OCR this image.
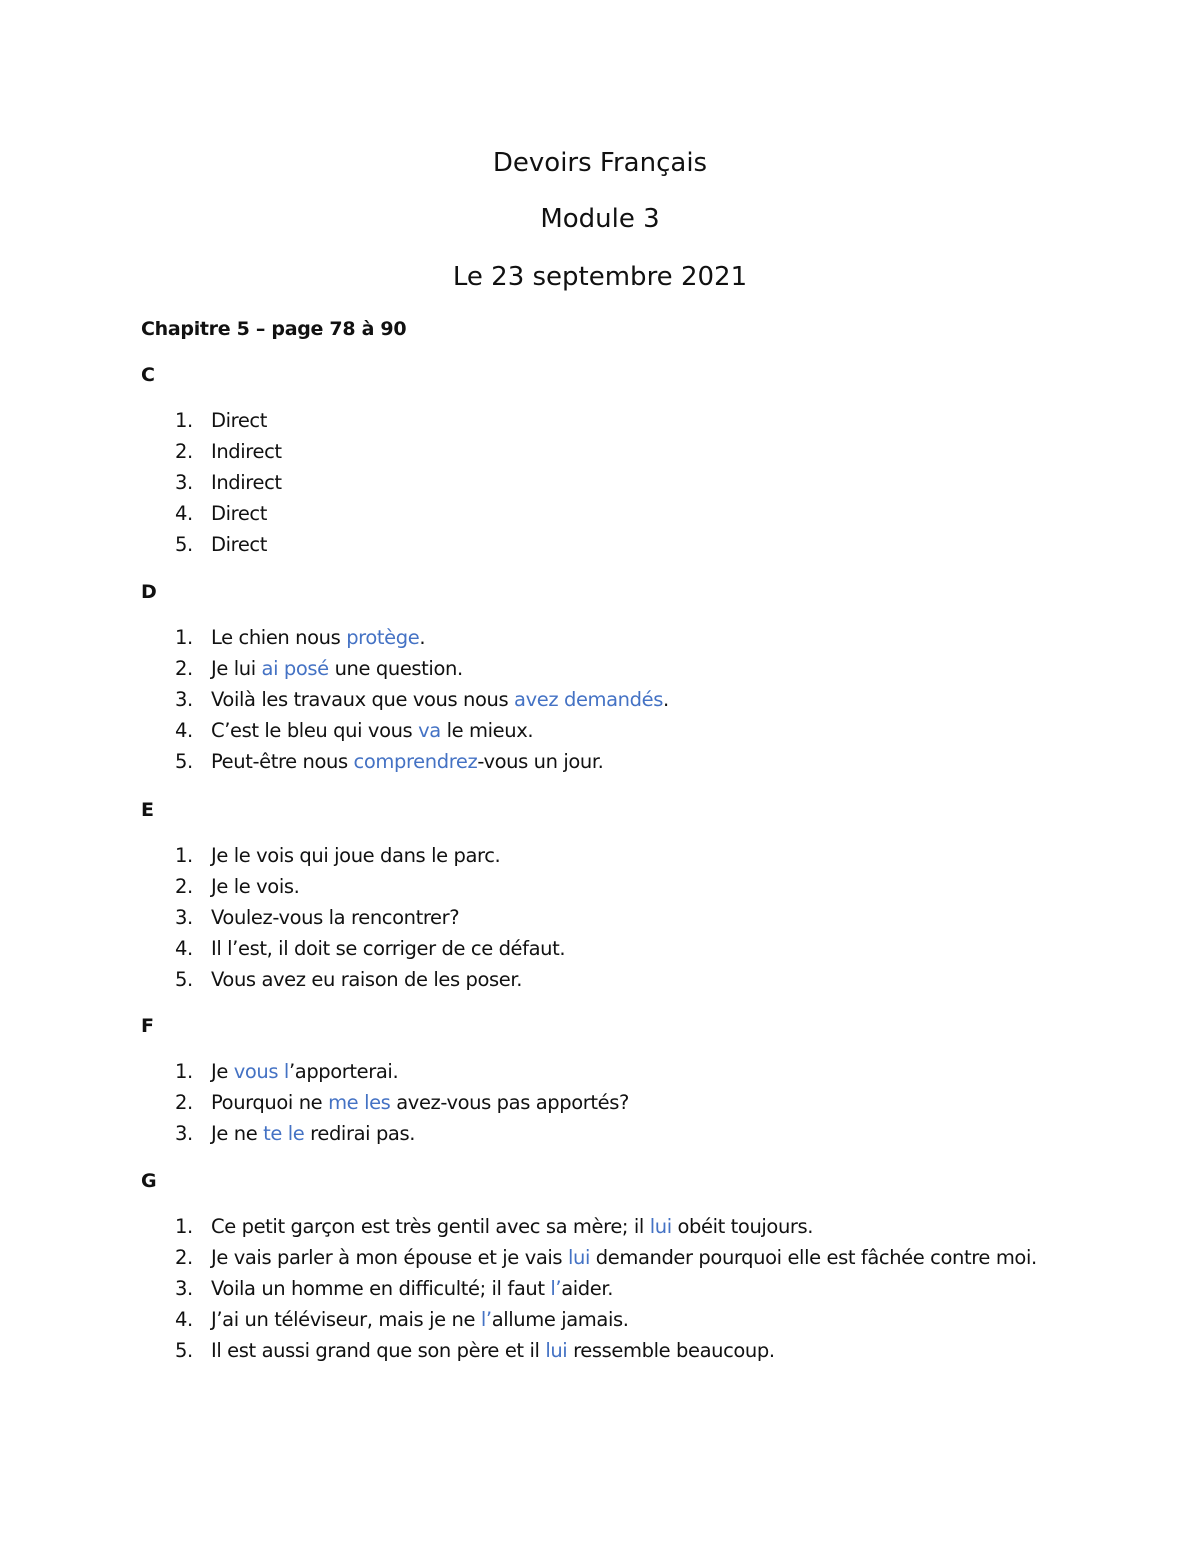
Devoirs Français
Module 3
Le 23 septembre 2021

Chapitre 5 – page 78 à 90

C

1. Direct
2. Indirect
3. Indirect
4. Direct
5. Direct

D

1. Le chien nous protège.
2. Je lui ai posé une question.
3. Voilà les travaux que vous nous avez demandés.
4. C’est le bleu qui vous va le mieux.
5. Peut-être nous comprendrez-vous un jour.

E

1. Je le vois qui joue dans le parc.
2. Je le vois.
3. Voulez-vous la rencontrer?
4. Il l’est, il doit se corriger de ce défaut.
5. Vous avez eu raison de les poser.

F

1. Je vous l’apporterai.
2. Pourquoi ne me les avez-vous pas apportés?
3. Je ne te le redirai pas.

G

1. Ce petit garçon est très gentil avec sa mère; il lui obéit toujours.
2. Je vais parler à mon épouse et je vais lui demander pourquoi elle est fâchée contre moi.
3. Voila un homme en difficulté; il faut l’aider.
4. J’ai un téléviseur, mais je ne l’allume jamais.
5. Il est aussi grand que son père et il lui ressemble beaucoup.
